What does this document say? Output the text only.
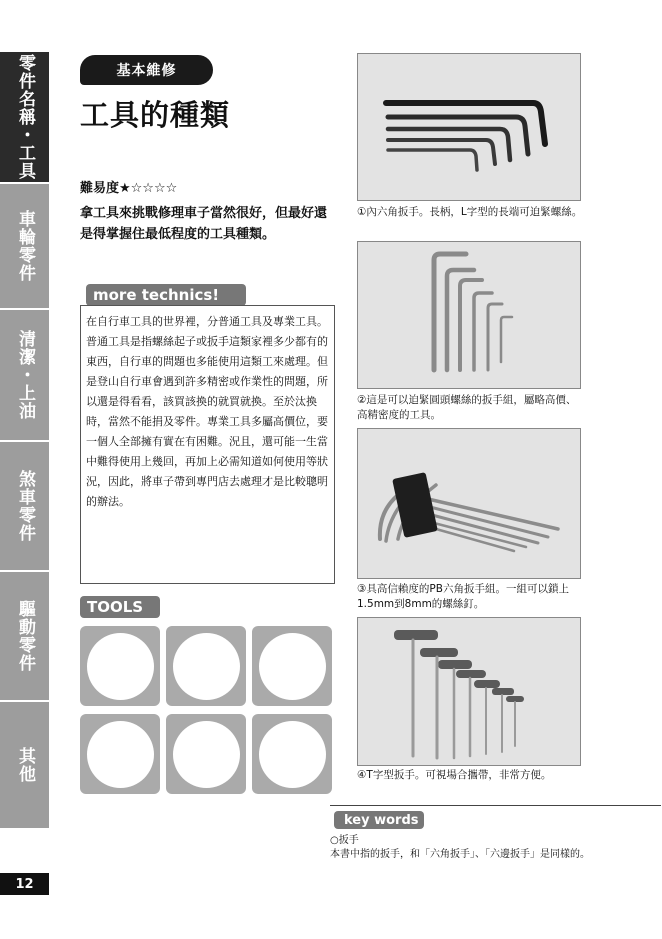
零件名稱・工具
車輪零件
清潔・上油
煞車零件
驅動零件
其他
12
基本維修
工具的種類
難易度★☆☆☆☆

拿工具來挑戰修理車子當然很好，但最好還是得掌握住最低程度的工具種類。

more technics!

在自行車工具的世界裡，分普通工具及專業工具。普通工具是指螺絲起子或扳手這類家裡多少都有的東西，自行車的問題也多能使用這類工來處理。但是登山自行車會遇到許多精密或作業性的問題，所以還是得看看，該買該換的就買就換。至於汰換時，當然不能捐及零件。專業工具多屬高價位，要一個人全部擁有實在有困難。況且，還可能一生當中難得使用上幾回，再加上必需知道如何使用等狀況，因此，將車子帶到專門店去處理才是比較聰明的辦法。

TOOLS

①內六角扳手。長柄，L字型的長端可迫緊螺絲。

②這是可以迫緊圓頭螺絲的扳手組，屬略高價、高精密度的工具。

③具高信賴度的PB六角扳手組。一組可以鎖上1.5mm到8mm的螺絲釘。

④T字型扳手。可視場合攜帶，非常方便。

key words
○扳手
本書中指的扳手，和「六角扳手」、「六邊扳手」是同樣的。
